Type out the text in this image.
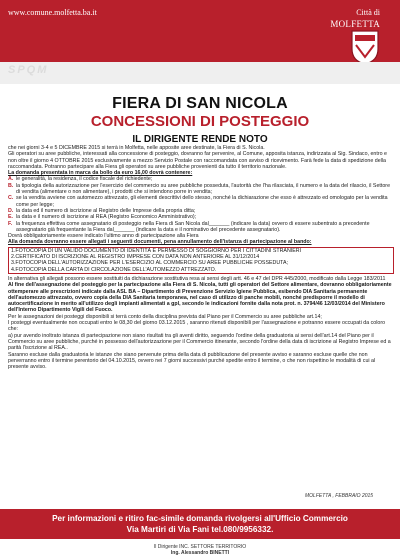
www.comune.molfetta.ba.it	Città di
MOLFETTA
SPQM
FIERA DI SAN NICOLA
CONCESSIONI DI POSTEGGIO
IL DIRIGENTE RENDE NOTO

che nei giorni 3-4 e 5 DICEMBRE 2015 si terrà in Molfetta, nelle apposite aree destinate, la Fiera di S. Nicola.

Gli operatori su aree pubbliche, interessati alla concessione di posteggio, dovranno far pervenire, al Comune, apposita istanza, indirizzata al Sig. Sindaco, entro e non oltre il giorno 4 OTTOBRE 2015 esclusivamente a mezzo Servizio Postale con raccomandata con avviso di ricevimento. Farà fede la data di spedizione della raccomandata. Potranno partecipare alla Fiera gli operatori su aree pubbliche provenienti da tutto il territorio nazionale.

La domanda presentata in marca da bollo da euro 16,00 dovrà contenere:

A. le generalità, la residenza, il codice fiscale del richiedente;
B. la tipologia della autorizzazione per l'esercizio del commercio su aree pubbliche posseduta, l'autorità che l'ha rilasciata, il numero e la data del rilascio, il Settore di vendita (alimentare o non alimentare), i prodotti che si intendono porre in vendita;
C. se la vendita avviene con automezzo attrezzato, gli elementi descrittivi dello stesso, nonché la dichiarazione che esso è attrezzato ed omologato per la vendita come per legge;
D. la data ed il numero di iscrizione al Registro delle Imprese della propria ditta;
E. la data e il numero di iscrizione al REA (Registro Economico Amministrativo);
F. la frequenza effettiva come assegnatario di posteggio nella Fiera di San Nicola dal_______ (indicare la data) ovvero di essere subentrato a precedente assegnatario già frequentante la Fiera dal_______ (indicare la data e il nominativo del precedente assegnatario).

Dovrà obbligatoriamente essere indicato l'ultimo anno di partecipazione alla Fiera

Alla domanda dovranno essere allegati i seguenti documenti, pena annullamento dell'istanza di partecipazione al bando:

1.FOTOCOPIA DI UN VALIDO DOCUMENTO DI IDENTITÀ E PERMESSO DI SOGGIORNO PER I CITTADINI STRANIERI
2.CERTIFICATO DI ISCRIZIONE AL REGISTRO IMPRESE CON DATA NON ANTERIORE AL 31/12/2014
3.FOTOCOPIA DELL'AUTORIZZAZIONE PER L'ESERCIZIO AL COMMERCIO SU AREE PUBBLICHE POSSEDUTA;
4.FOTOCOPIA DELLA CARTA DI CIRCOLAZIONE DELL'AUTOMEZZO ATTREZZATO.

In alternativa gli allegati possono essere sostituiti da dichiarazione sostitutiva resa ai sensi degli artt. 46 e 47 del DPR 445/2000, modificato dalla Legge 183/2011

Al fine dell'assegnazione del posteggio per la partecipazione alla Fiera di S. Nicola, tutti gli operatori del Settore alimentare, dovranno obbligatoriamente ottemperare alle prescrizioni indicate dalla ASL BA – Dipartimento di Prevenzione Servizio Igiene Pubblica, esibendo DIA Sanitaria permanente dell'automezzo attrezzato, ovvero copia della DIA Sanitaria temporanea, nel caso di utilizzo di panche mobili, nonché predisporre il modello di autocertificazione in merito all'utilizzo degli impianti alimentati a gpl, secondo le indicazioni fornite dalla nota prot. n. 3794/46 12/03/2014 del Ministero dell'Interno Dipartimento Vigili del Fuoco.

Per le assegnazioni dei posteggi disponibili si terrà conto della disciplina prevista dal Piano per il Commercio su aree pubbliche art.14;

I posteggi eventualmente non occupati entro le 08,30 del giorno 03.12.2015 , saranno ritenuti disponibili per l'assegnazione e potranno essere occupati da coloro che:

a) pur avendo inoltrato istanza di partecipazione non siano risultati tra gli aventi diritto, seguendo l'ordine della graduatoria ai sensi dell'art.14 del Piano per il Commercio su aree pubbliche, purché in possesso dell'autorizzazione per il Commercio itinerante, secondo l'ordine della data di iscrizione al Registro Imprese ed a parità l'iscrizione al REA..

Saranno escluse dalla graduatoria le istanze che siano pervenute prima della data di pubblicazione del presente avviso e saranno escluse quelle che non perverranno entro il termine perentorio del 04.10.2015, ovvero nei 7 giorni successivi purché spedite entro il termine, o che non rispettino le modalità di cui al presente avviso.

MOLFETTA , FEBBRAIO 2015
Per informazioni e ritiro fac-simile domanda rivolgersi all'Ufficio Commercio
Via Martiri di Via Fani tel.080/9956332.
Il Dirigente INC. SETTORE TERRITORIO
Ing. Alessandro BINETTI
